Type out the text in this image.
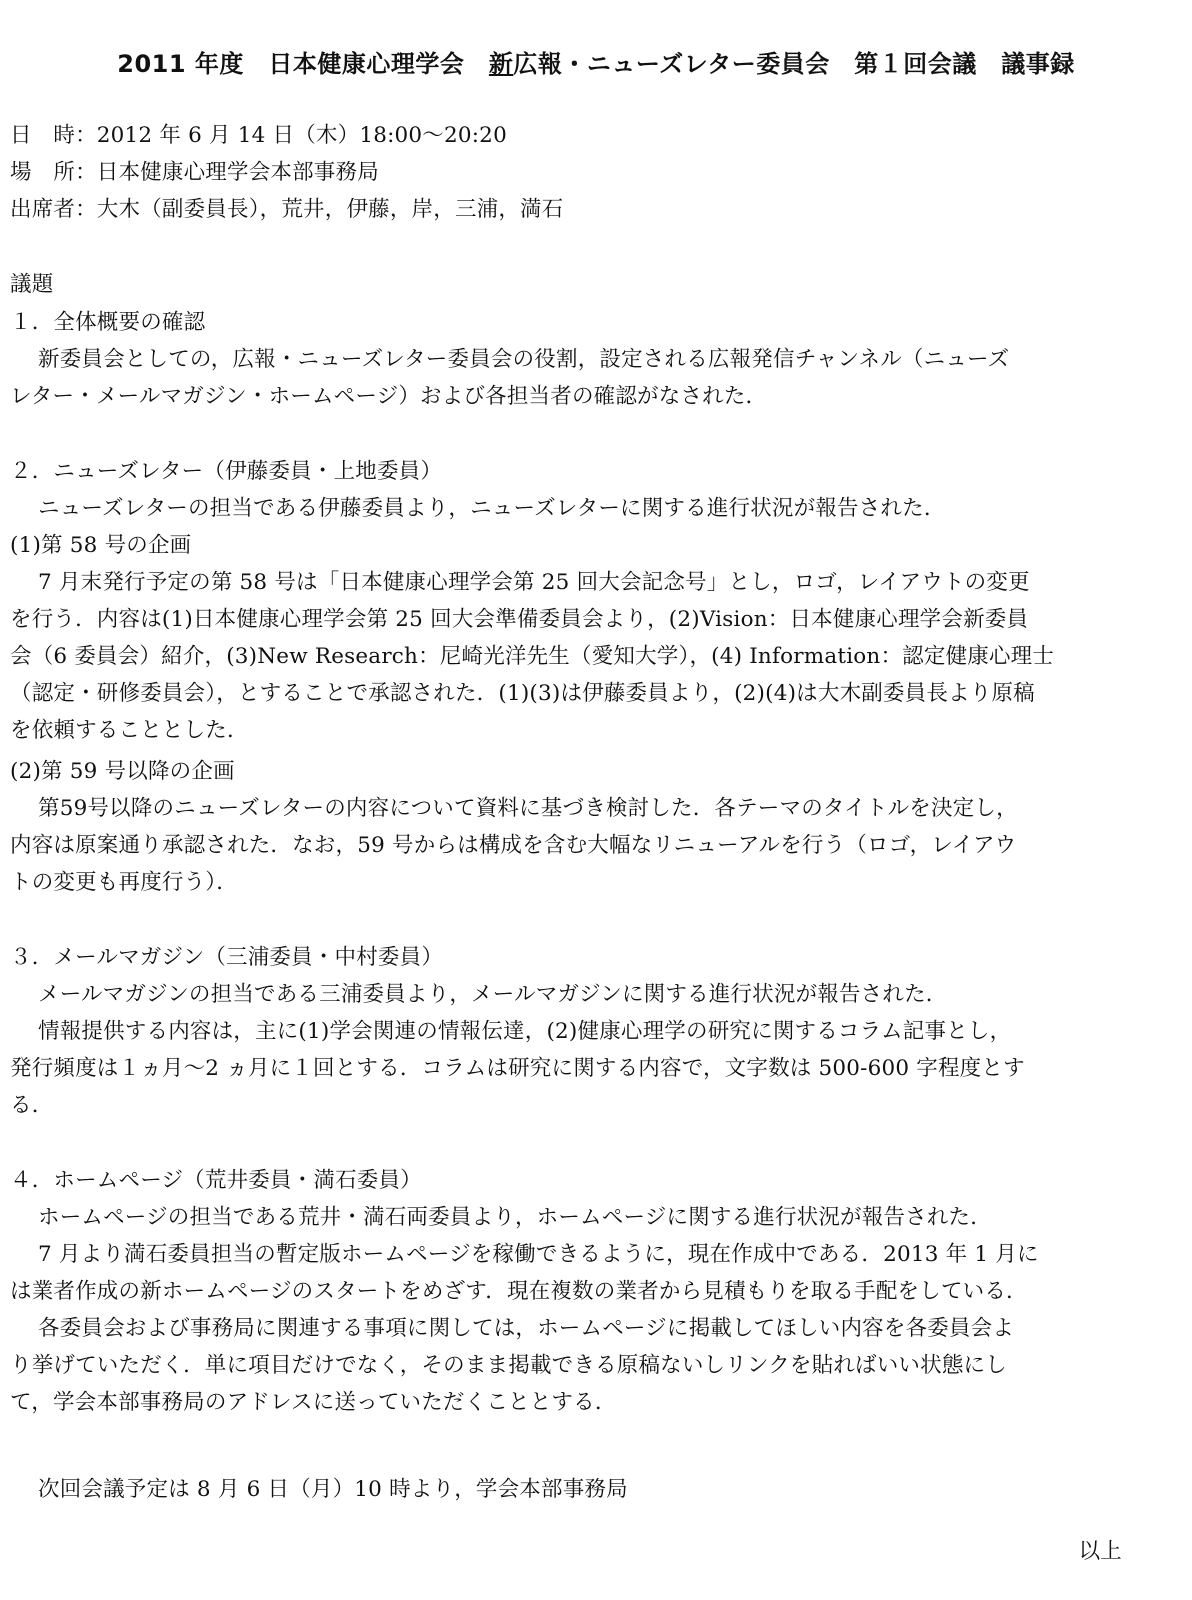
2011 年度　日本健康心理学会　新広報・ニューズレター委員会　第１回会議　議事録
日　時：2012 年 6 月 14 日（木）18:00～20:20
場　所：日本健康心理学会本部事務局
出席者：大木（副委員長），荒井，伊藤，岸，三浦，満石
議題
１．全体概要の確認
新委員会としての，広報・ニューズレター委員会の役割，設定される広報発信チャンネル（ニューズ
レター・メールマガジン・ホームページ）および各担当者の確認がなされた．
２．ニューズレター（伊藤委員・上地委員）
ニューズレターの担当である伊藤委員より，ニューズレターに関する進行状況が報告された．
(1)第 58 号の企画
7 月末発行予定の第 58 号は「日本健康心理学会第 25 回大会記念号」とし，ロゴ，レイアウトの変更
を行う．内容は(1)日本健康心理学会第 25 回大会準備委員会より，(2)Vision：日本健康心理学会新委員
会（6 委員会）紹介，(3)New Research：尼崎光洋先生（愛知大学），(4) Information：認定健康心理士
（認定・研修委員会），とすることで承認された．(1)(3)は伊藤委員より，(2)(4)は大木副委員長より原稿
を依頼することとした．
(2)第 59 号以降の企画
第59号以降のニューズレターの内容について資料に基づき検討した．各テーマのタイトルを決定し，
内容は原案通り承認された．なお，59 号からは構成を含む大幅なリニューアルを行う（ロゴ，レイアウ
トの変更も再度行う）．
３．メールマガジン（三浦委員・中村委員）
メールマガジンの担当である三浦委員より，メールマガジンに関する進行状況が報告された．
情報提供する内容は，主に(1)学会関連の情報伝達，(2)健康心理学の研究に関するコラム記事とし，
発行頻度は１ヵ月～2 ヵ月に１回とする．コラムは研究に関する内容で，文字数は 500-600 字程度とす
る．
４．ホームページ（荒井委員・満石委員）
ホームページの担当である荒井・満石両委員より，ホームページに関する進行状況が報告された．
7 月より満石委員担当の暫定版ホームページを稼働できるように，現在作成中である．2013 年 1 月に
は業者作成の新ホームページのスタートをめざす．現在複数の業者から見積もりを取る手配をしている．
各委員会および事務局に関連する事項に関しては，ホームページに掲載してほしい内容を各委員会よ
り挙げていただく．単に項目だけでなく，そのまま掲載できる原稿ないしリンクを貼ればいい状態にし
て，学会本部事務局のアドレスに送っていただくこととする．
次回会議予定は 8 月 6 日（月）10 時より，学会本部事務局
以上
